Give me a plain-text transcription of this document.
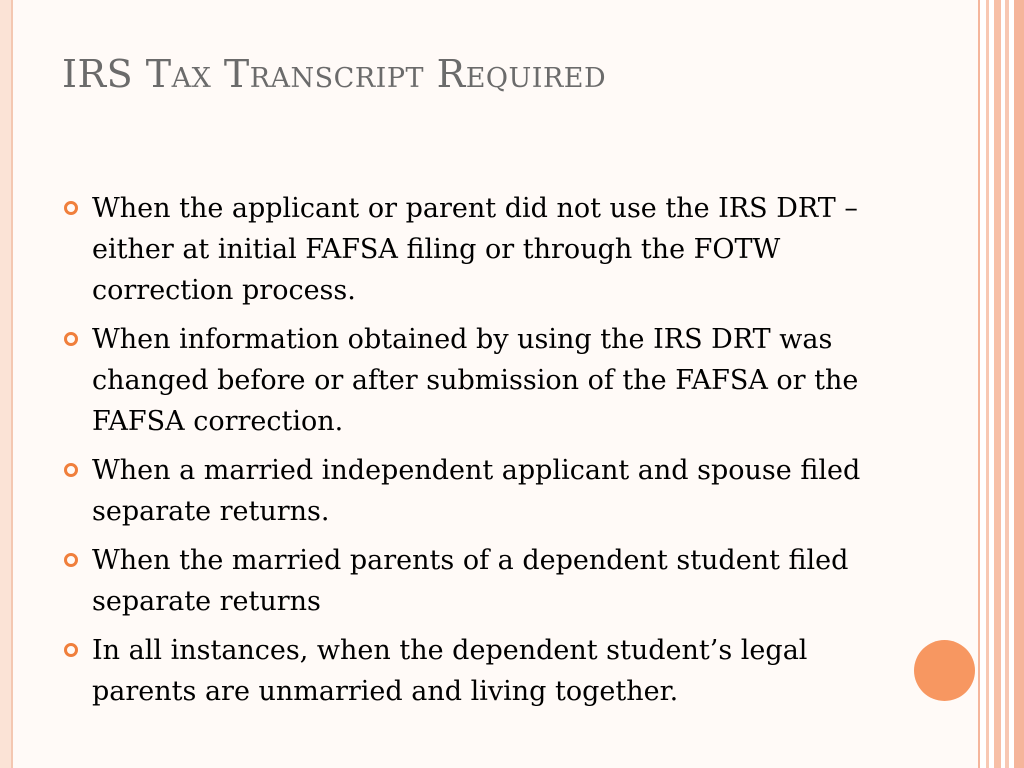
IRS Tax Transcript Required
When the applicant or parent did not use the IRS DRT – either at initial FAFSA filing or through the FOTW correction process.
When information obtained by using the IRS DRT was changed before or after submission of the FAFSA or the FAFSA correction.
When a married independent applicant and spouse filed separate returns.
When the married parents of a dependent student filed separate returns
In all instances, when the dependent student’s legal parents are unmarried and living together.
